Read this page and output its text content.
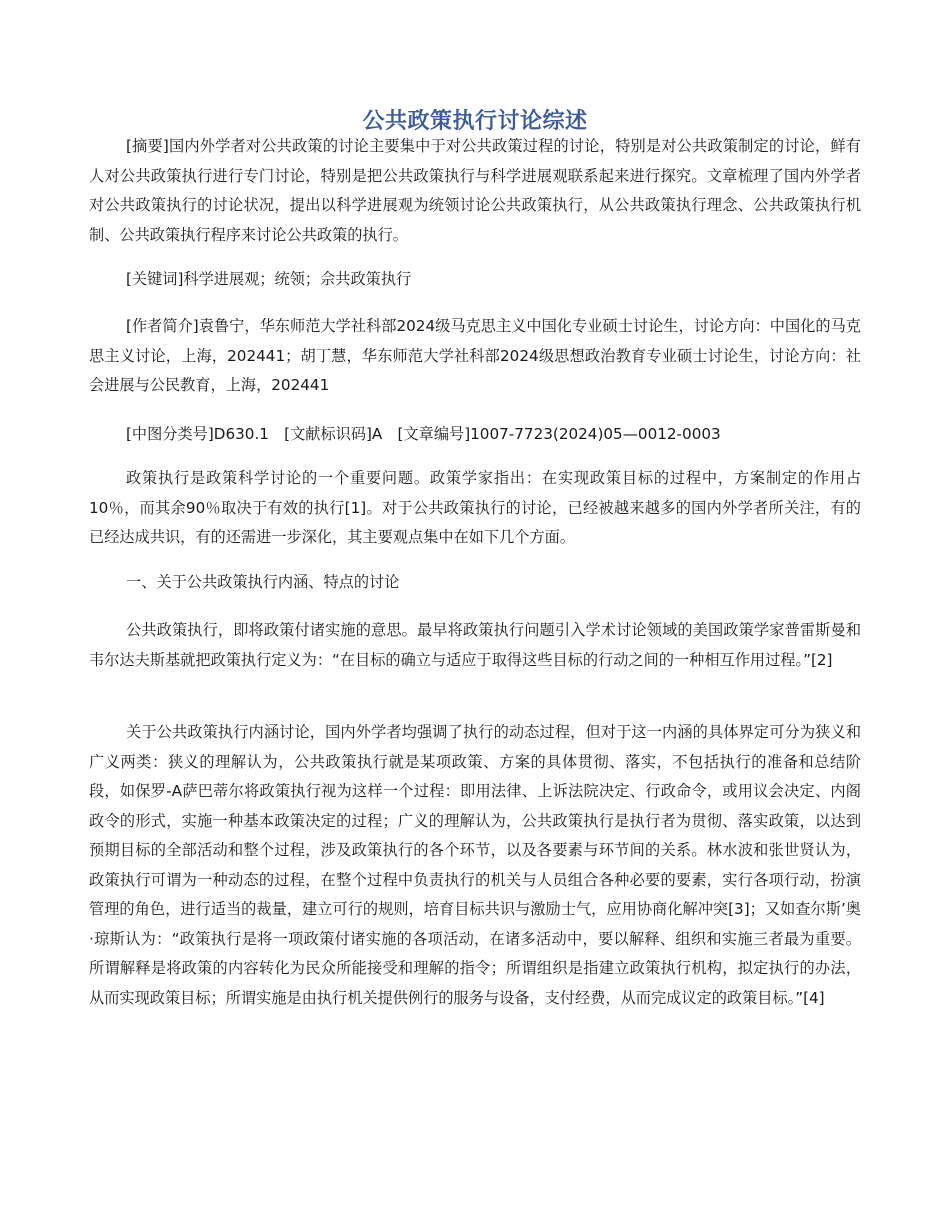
公共政策执行讨论综述

[摘要]国内外学者对公共政策的讨论主要集中于对公共政策过程的讨论，特别是对公共政策制定的讨论，鲜有人对公共政策执行进行专门讨论，特别是把公共政策执行与科学进展观联系起来进行探究。文章梳理了国内外学者对公共政策执行的讨论状况，提出以科学进展观为统领讨论公共政策执行，从公共政策执行理念、公共政策执行机制、公共政策执行程序来讨论公共政策的执行。

[关键词]科学进展观；统领；佘共政策执行

[作者简介]袁鲁宁，华东师范大学社科部2024级马克思主义中国化专业硕士讨论生，讨论方向：中国化的马克思主义讨论，上海，202441；胡丁慧，华东师范大学社科部2024级思想政治教育专业硕士讨论生，讨论方向：社会进展与公民教育，上海，202441

[中图分类号]D630.1　[文献标识码]A　[文章编号]1007-7723(2024)05—0012-0003

政策执行是政策科学讨论的一个重要问题。政策学家指出：在实现政策目标的过程中，方案制定的作用占10％，而其余90％取决于有效的执行[1]。对于公共政策执行的讨论，已经被越来越多的国内外学者所关注，有的已经达成共识，有的还需进一步深化，其主要观点集中在如下几个方面。

一、关于公共政策执行内涵、特点的讨论

公共政策执行，即将政策付诸实施的意思。最早将政策执行问题引入学术讨论领域的美国政策学家普雷斯曼和韦尔达夫斯基就把政策执行定义为：“在目标的确立与适应于取得这些目标的行动之间的一种相互作用过程。”[2]

关于公共政策执行内涵讨论，国内外学者均强调了执行的动态过程，但对于这一内涵的具体界定可分为狭义和广义两类：狭义的理解认为，公共政策执行就是某项政策、方案的具体贯彻、落实，不包括执行的准备和总结阶段，如保罗-A萨巴蒂尔将政策执行视为这样一个过程：即用法律、上诉法院决定、行政命令，或用议会决定、内阁政令的形式，实施一种基本政策决定的过程；广义的理解认为，公共政策执行是执行者为贯彻、落实政策，以达到预期目标的全部活动和整个过程，涉及政策执行的各个环节，以及各要素与环节间的关系。林水波和张世贤认为，政策执行可谓为一种动态的过程，在整个过程中负责执行的机关与人员组合各种必要的要素，实行各项行动，扮演管理的角色，进行适当的裁量，建立可行的规则，培育目标共识与激励士气，应用协商化解冲突[3]；又如查尔斯’奥·琼斯认为：“政策执行是将一项政策付诸实施的各项活动，在诸多活动中，要以解释、组织和实施三者最为重要。所谓解释是将政策的内容转化为民众所能接受和理解的指令；所谓组织是指建立政策执行机构，拟定执行的办法，从而实现政策目标；所谓实施是由执行机关提供例行的服务与设备，支付经费，从而完成议定的政策目标。”[4]
